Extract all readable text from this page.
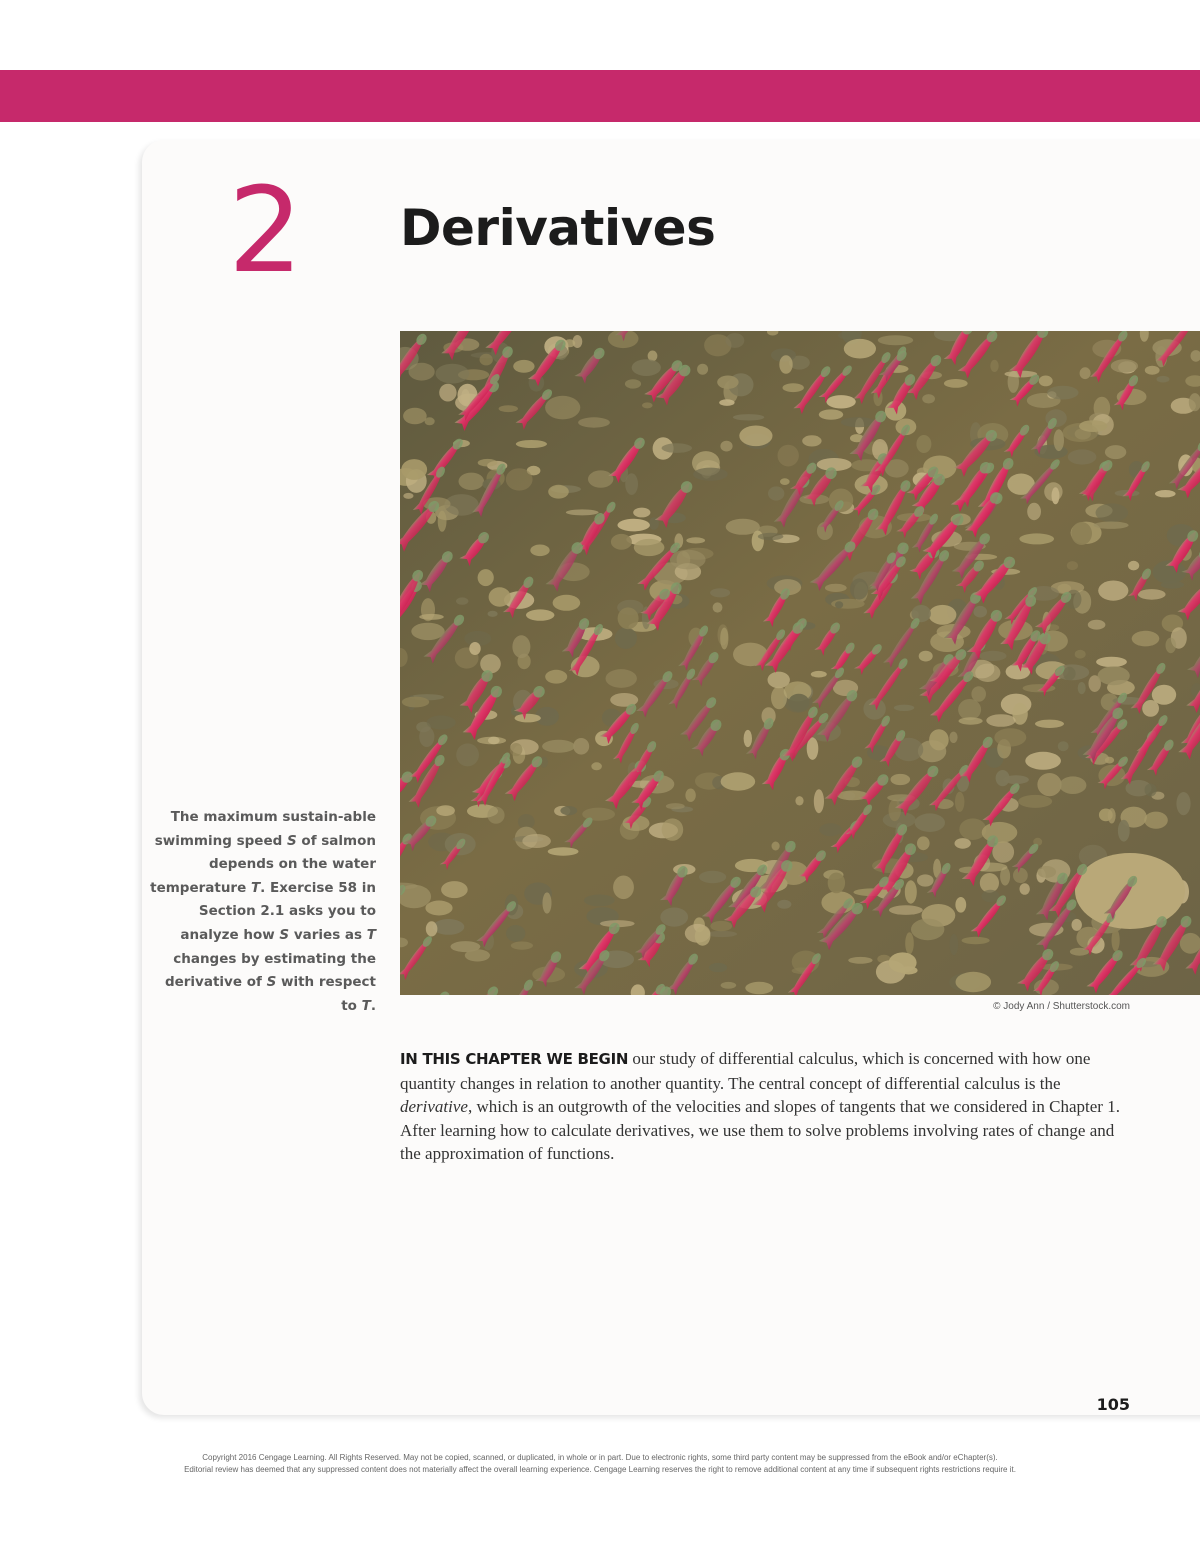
2 Derivatives
© Jody Ann / Shutterstock.com

The maximum sustain-able swimming speed S of salmon depends on the water temperature T. Exercise 58 in Section 2.1 asks you to analyze how S varies as T changes by estimating the derivative of S with respect to T.

IN THIS CHAPTER WE BEGIN our study of differential calculus, which is concerned with how one quantity changes in relation to another quantity. The central concept of differential calculus is the derivative, which is an outgrowth of the velocities and slopes of tangents that we considered in Chapter 1. After learning how to calculate derivatives, we use them to solve problems involving rates of change and the approximation of functions.

105
Copyright 2016 Cengage Learning. All Rights Reserved. May not be copied, scanned, or duplicated, in whole or in part. Due to electronic rights, some third party content may be suppressed from the eBook and/or eChapter(s).
Editorial review has deemed that any suppressed content does not materially affect the overall learning experience. Cengage Learning reserves the right to remove additional content at any time if subsequent rights restrictions require it.
